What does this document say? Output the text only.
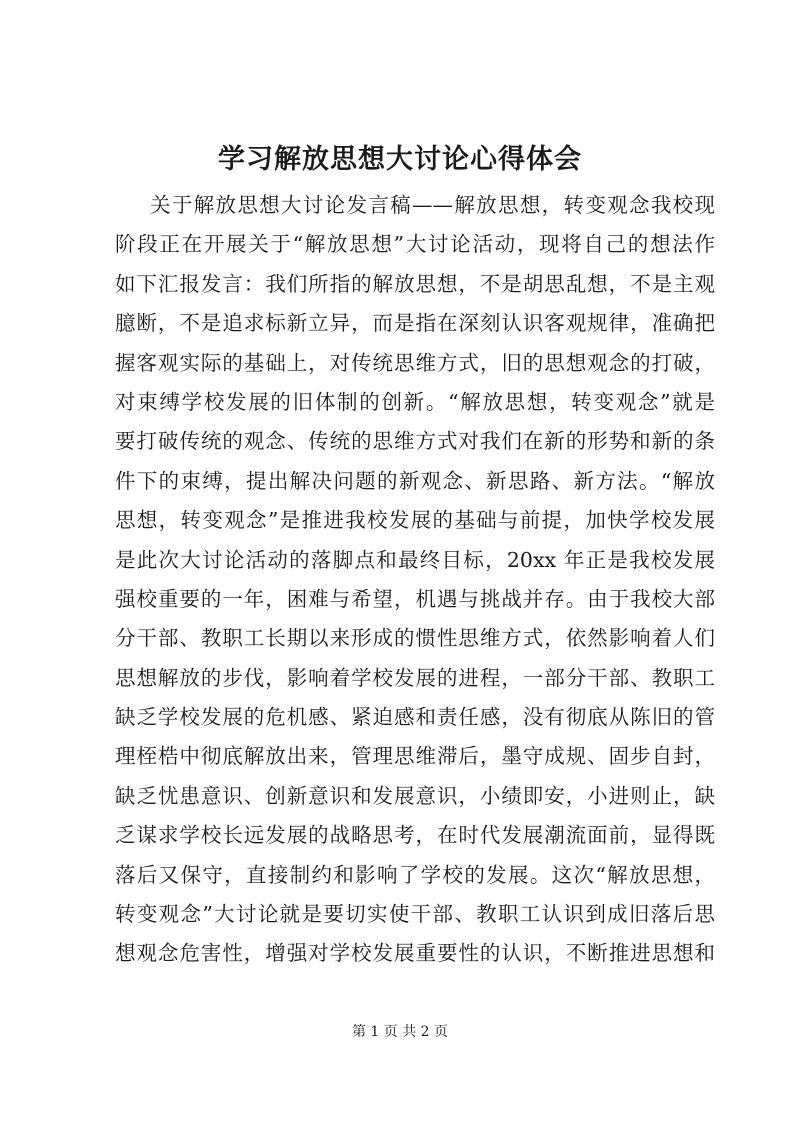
学习解放思想大讨论心得体会
关于解放思想大讨论发言稿——解放思想，转变观念我校现
阶段正在开展关于“解放思想”大讨论活动，现将自己的想法作
如下汇报发言：我们所指的解放思想，不是胡思乱想，不是主观
臆断，不是追求标新立异，而是指在深刻认识客观规律，准确把
握客观实际的基础上，对传统思维方式，旧的思想观念的打破，
对束缚学校发展的旧体制的创新。“解放思想，转变观念”就是
要打破传统的观念、传统的思维方式对我们在新的形势和新的条
件下的束缚，提出解决问题的新观念、新思路、新方法。“解放
思想，转变观念”是推进我校发展的基础与前提，加快学校发展
是此次大讨论活动的落脚点和最终目标，20xx 年正是我校发展
强校重要的一年，困难与希望，机遇与挑战并存。由于我校大部
分干部、教职工长期以来形成的惯性思维方式，依然影响着人们
思想解放的步伐，影响着学校发展的进程，一部分干部、教职工
缺乏学校发展的危机感、紧迫感和责任感，没有彻底从陈旧的管
理桎梏中彻底解放出来，管理思维滞后，墨守成规、固步自封，
缺乏忧患意识、创新意识和发展意识，小绩即安，小进则止，缺
乏谋求学校长远发展的战略思考，在时代发展潮流面前，显得既
落后又保守，直接制约和影响了学校的发展。这次“解放思想，
转变观念”大讨论就是要切实使干部、教职工认识到成旧落后思
想观念危害性，增强对学校发展重要性的认识，不断推进思想和
第 1 页 共 2 页
